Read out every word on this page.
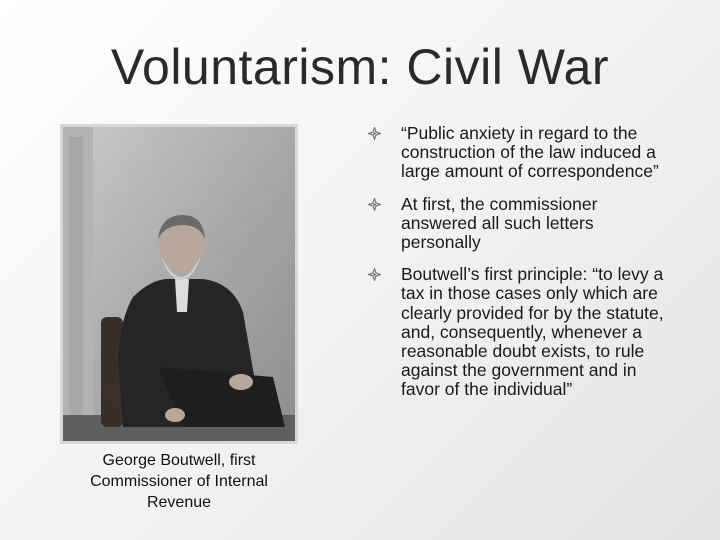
Voluntarism: Civil War
George Boutwell, first Commissioner of Internal Revenue
“Public anxiety in regard to the construction of the law induced a large amount of correspondence”
At first, the commissioner answered all such letters personally
Boutwell’s first principle: “to levy a tax in those cases only which are clearly provided for by the statute, and, consequently, whenever a reasonable doubt exists, to rule against the government and in favor of the individual”
